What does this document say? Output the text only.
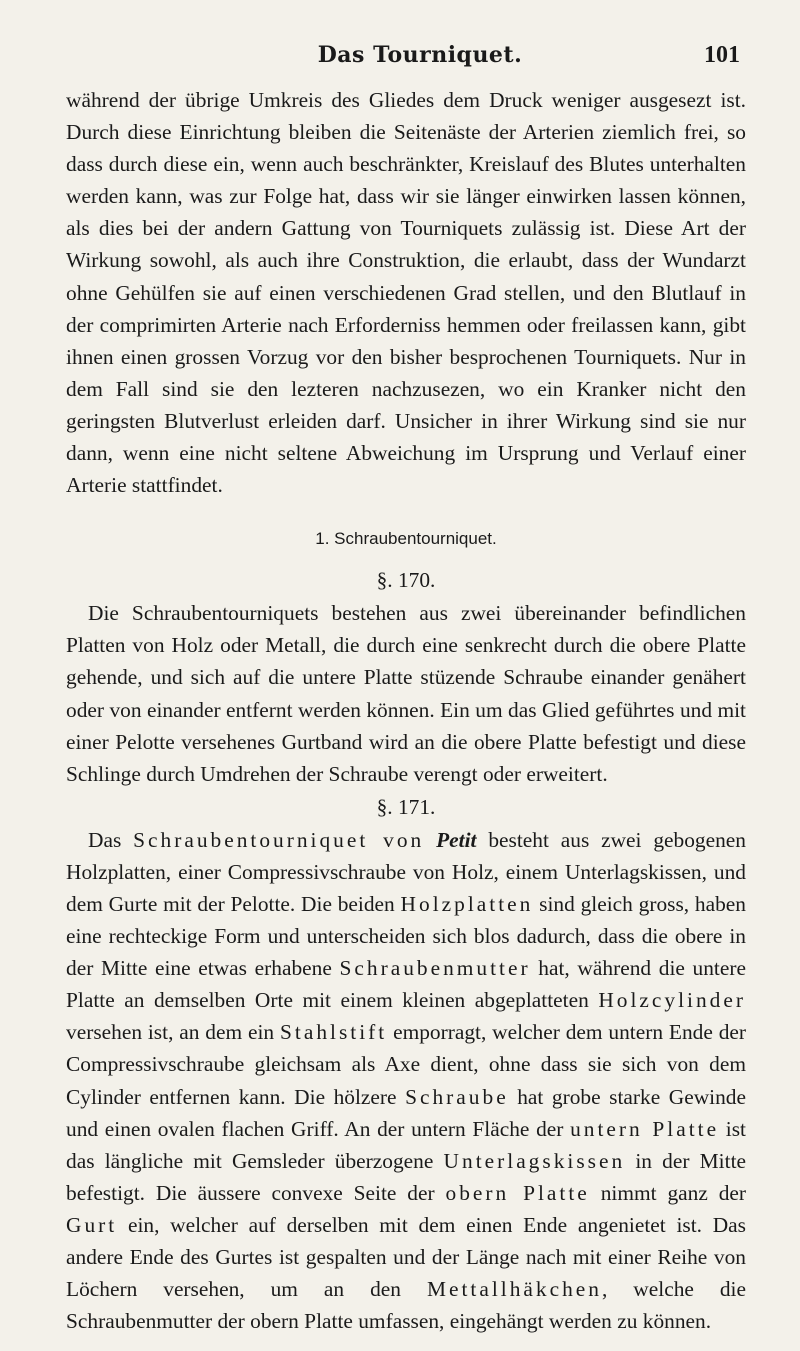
Das Tourniquet.	101

während der übrige Umkreis des Gliedes dem Druck weniger ausgesezt ist. Durch diese Einrichtung bleiben die Seitenäste der Arterien ziemlich frei, so dass durch diese ein, wenn auch beschränkter, Kreislauf des Blutes unterhalten werden kann, was zur Folge hat, dass wir sie länger einwirken lassen können, als dies bei der andern Gattung von Tourniquets zulässig ist. Diese Art der Wirkung sowohl, als auch ihre Construktion, die erlaubt, dass der Wundarzt ohne Gehülfen sie auf einen verschiedenen Grad stellen, und den Blutlauf in der comprimirten Arterie nach Erforderniss hemmen oder freilassen kann, gibt ihnen einen grossen Vorzug vor den bisher besprochenen Tourniquets. Nur in dem Fall sind sie den lezteren nachzusezen, wo ein Kranker nicht den geringsten Blutverlust erleiden darf. Unsicher in ihrer Wirkung sind sie nur dann, wenn eine nicht seltene Abweichung im Ursprung und Verlauf einer Arterie stattfindet.

1. Schraubentourniquet.
§. 170.

Die Schraubentourniquets bestehen aus zwei übereinander befindlichen Platten von Holz oder Metall, die durch eine senkrecht durch die obere Platte gehende, und sich auf die untere Platte stüzende Schraube einander genähert oder von einander entfernt werden können. Ein um das Glied geführtes und mit einer Pelotte versehenes Gurtband wird an die obere Platte befestigt und diese Schlinge durch Umdrehen der Schraube verengt oder erweitert.

§. 171.

Das Schraubentourniquet von Petit besteht aus zwei gebogenen Holzplatten, einer Compressivschraube von Holz, einem Unterlagskissen, und dem Gurte mit der Pelotte. Die beiden Holzplatten sind gleich gross, haben eine rechteckige Form und unterscheiden sich blos dadurch, dass die obere in der Mitte eine etwas erhabene Schraubenmutter hat, während die untere Platte an demselben Orte mit einem kleinen abgeplatteten Holzcylinder versehen ist, an dem ein Stahlstift emporragt, welcher dem untern Ende der Compressivschraube gleichsam als Axe dient, ohne dass sie sich von dem Cylinder entfernen kann. Die hölzere Schraube hat grobe starke Gewinde und einen ovalen flachen Griff. An der untern Fläche der untern Platte ist das längliche mit Gemsleder überzogene Unterlagskissen in der Mitte befestigt. Die äussere convexe Seite der obern Platte nimmt ganz der Gurt ein, welcher auf derselben mit dem einen Ende angenietet ist. Das andere Ende des Gurtes ist gespalten und der Länge nach mit einer Reihe von Löchern versehen, um an den Mettallhäkchen, welche die Schraubenmutter der obern Platte umfassen, eingehängt werden zu können.
